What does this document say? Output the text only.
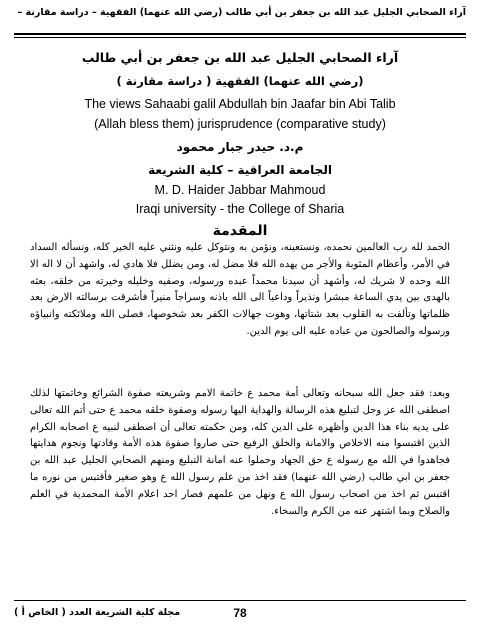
آراء الصحابي الجليل عبد الله بن جعفر بن أبي طالب (رضي الله عنهما) الفقهية – دراسة مقارنة –
آراء الصحابي الجليل عبد الله بن جعفر بن أبي طالب
(رضي الله عنهما) الفقهية ( دراسة مقارنة )
The views Sahaabi galil Abdullah bin Jaafar bin Abi Talib
(Allah bless them) jurisprudence (comparative study)
م.د. حيدر جبار محمود
الجامعة العراقية – كلية الشريعة
M. D. Haider Jabbar Mahmoud
Iraqi university - the College of Sharia
المقدمة

الحمد لله رب العالمين نحمده، ونستعينه، ونؤمن به ونتوكل عليه ونثني عليه الخير كله، ونسأله السداد في الأمر، وأعظام المثوبة والأجر من يهده الله فلا مضل له، ومن يضلل فلا هادي له، واشهد أن لا اله الا الله وحده لا شريك له، وأشهد أن سيدنا محمداً عبده ورسوله، وصفيه وخليله وخيرته من خلقه، بعثه بالهدى بين يدي الساعة مبشرا ونذيراً وداعياً الى الله باذنه وسراجاً منيراً فأشرقت برسالته الارض بعد ظلماتها وتألفت به القلوب بعد شتاتها، وهوت جهالات الكفر بعد شخوصها، فصلى الله وملائكته وانبياؤه ورسوله والصالحون من عباده عليه الى يوم الدين.

وبعد: فقد جعل الله سبحانه وتعالى أمة محمد ع خاتمة الامم وشريعته صفوة الشرائع وخاتمتها لذلك اصطفى الله عز وجل لتبليغ هذه الرسالة والهداية اليها رسوله وصفوة خلقه محمد ع حتى أتم الله تعالى على يديه بناء هذا الدين وأظهره على الدين كله، ومن حكمته تعالى أن اصطفى لنبيه ع اصحابه الكرام الذين اقتبسوا منه الاخلاص والامانة والخلق الرفيع حتى صاروا صفوة هذه الأمة وقادتها ونجوم هدايتها فجاهدوا في الله مع رسوله ع حق الجهاد وحملوا عنه امانة التبليغ ومنهم الصحابي الجليل عبد الله بن جعفر بن ابي طالب (رضي الله عنهما) فقد اخذ من علم رسول الله ع وهو صغير فأقتبس من نوره ما اقتبس ثم اخذ من اصحاب رسول الله ع ونهل من علمهم فصار احد اعلام الأمة المحمدية في العلم والصلاح وبما اشتهر عنه من الكرم والسخاء.

78
مجلة كلية الشريعة العدد ( الخاص أ )
